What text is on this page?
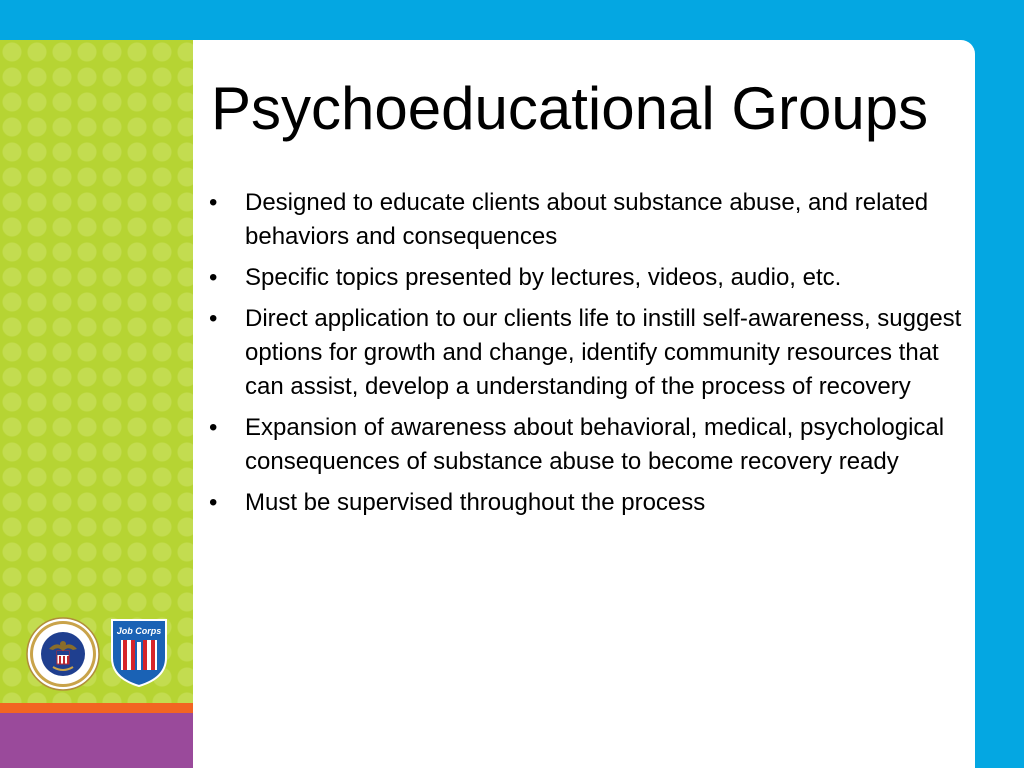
Psychoeducational Groups
•	Designed to educate clients about substance abuse, and related behaviors and consequences
•	Specific topics presented by lectures, videos, audio, etc.
•	Direct application to our clients life to instill self-awareness, suggest options for growth and change, identify community resources that can assist, develop a understanding of the process of recovery
•	Expansion of awareness about behavioral, medical, psychological consequences of substance abuse to become recovery ready
•	Must be supervised throughout the process
Job Corps
